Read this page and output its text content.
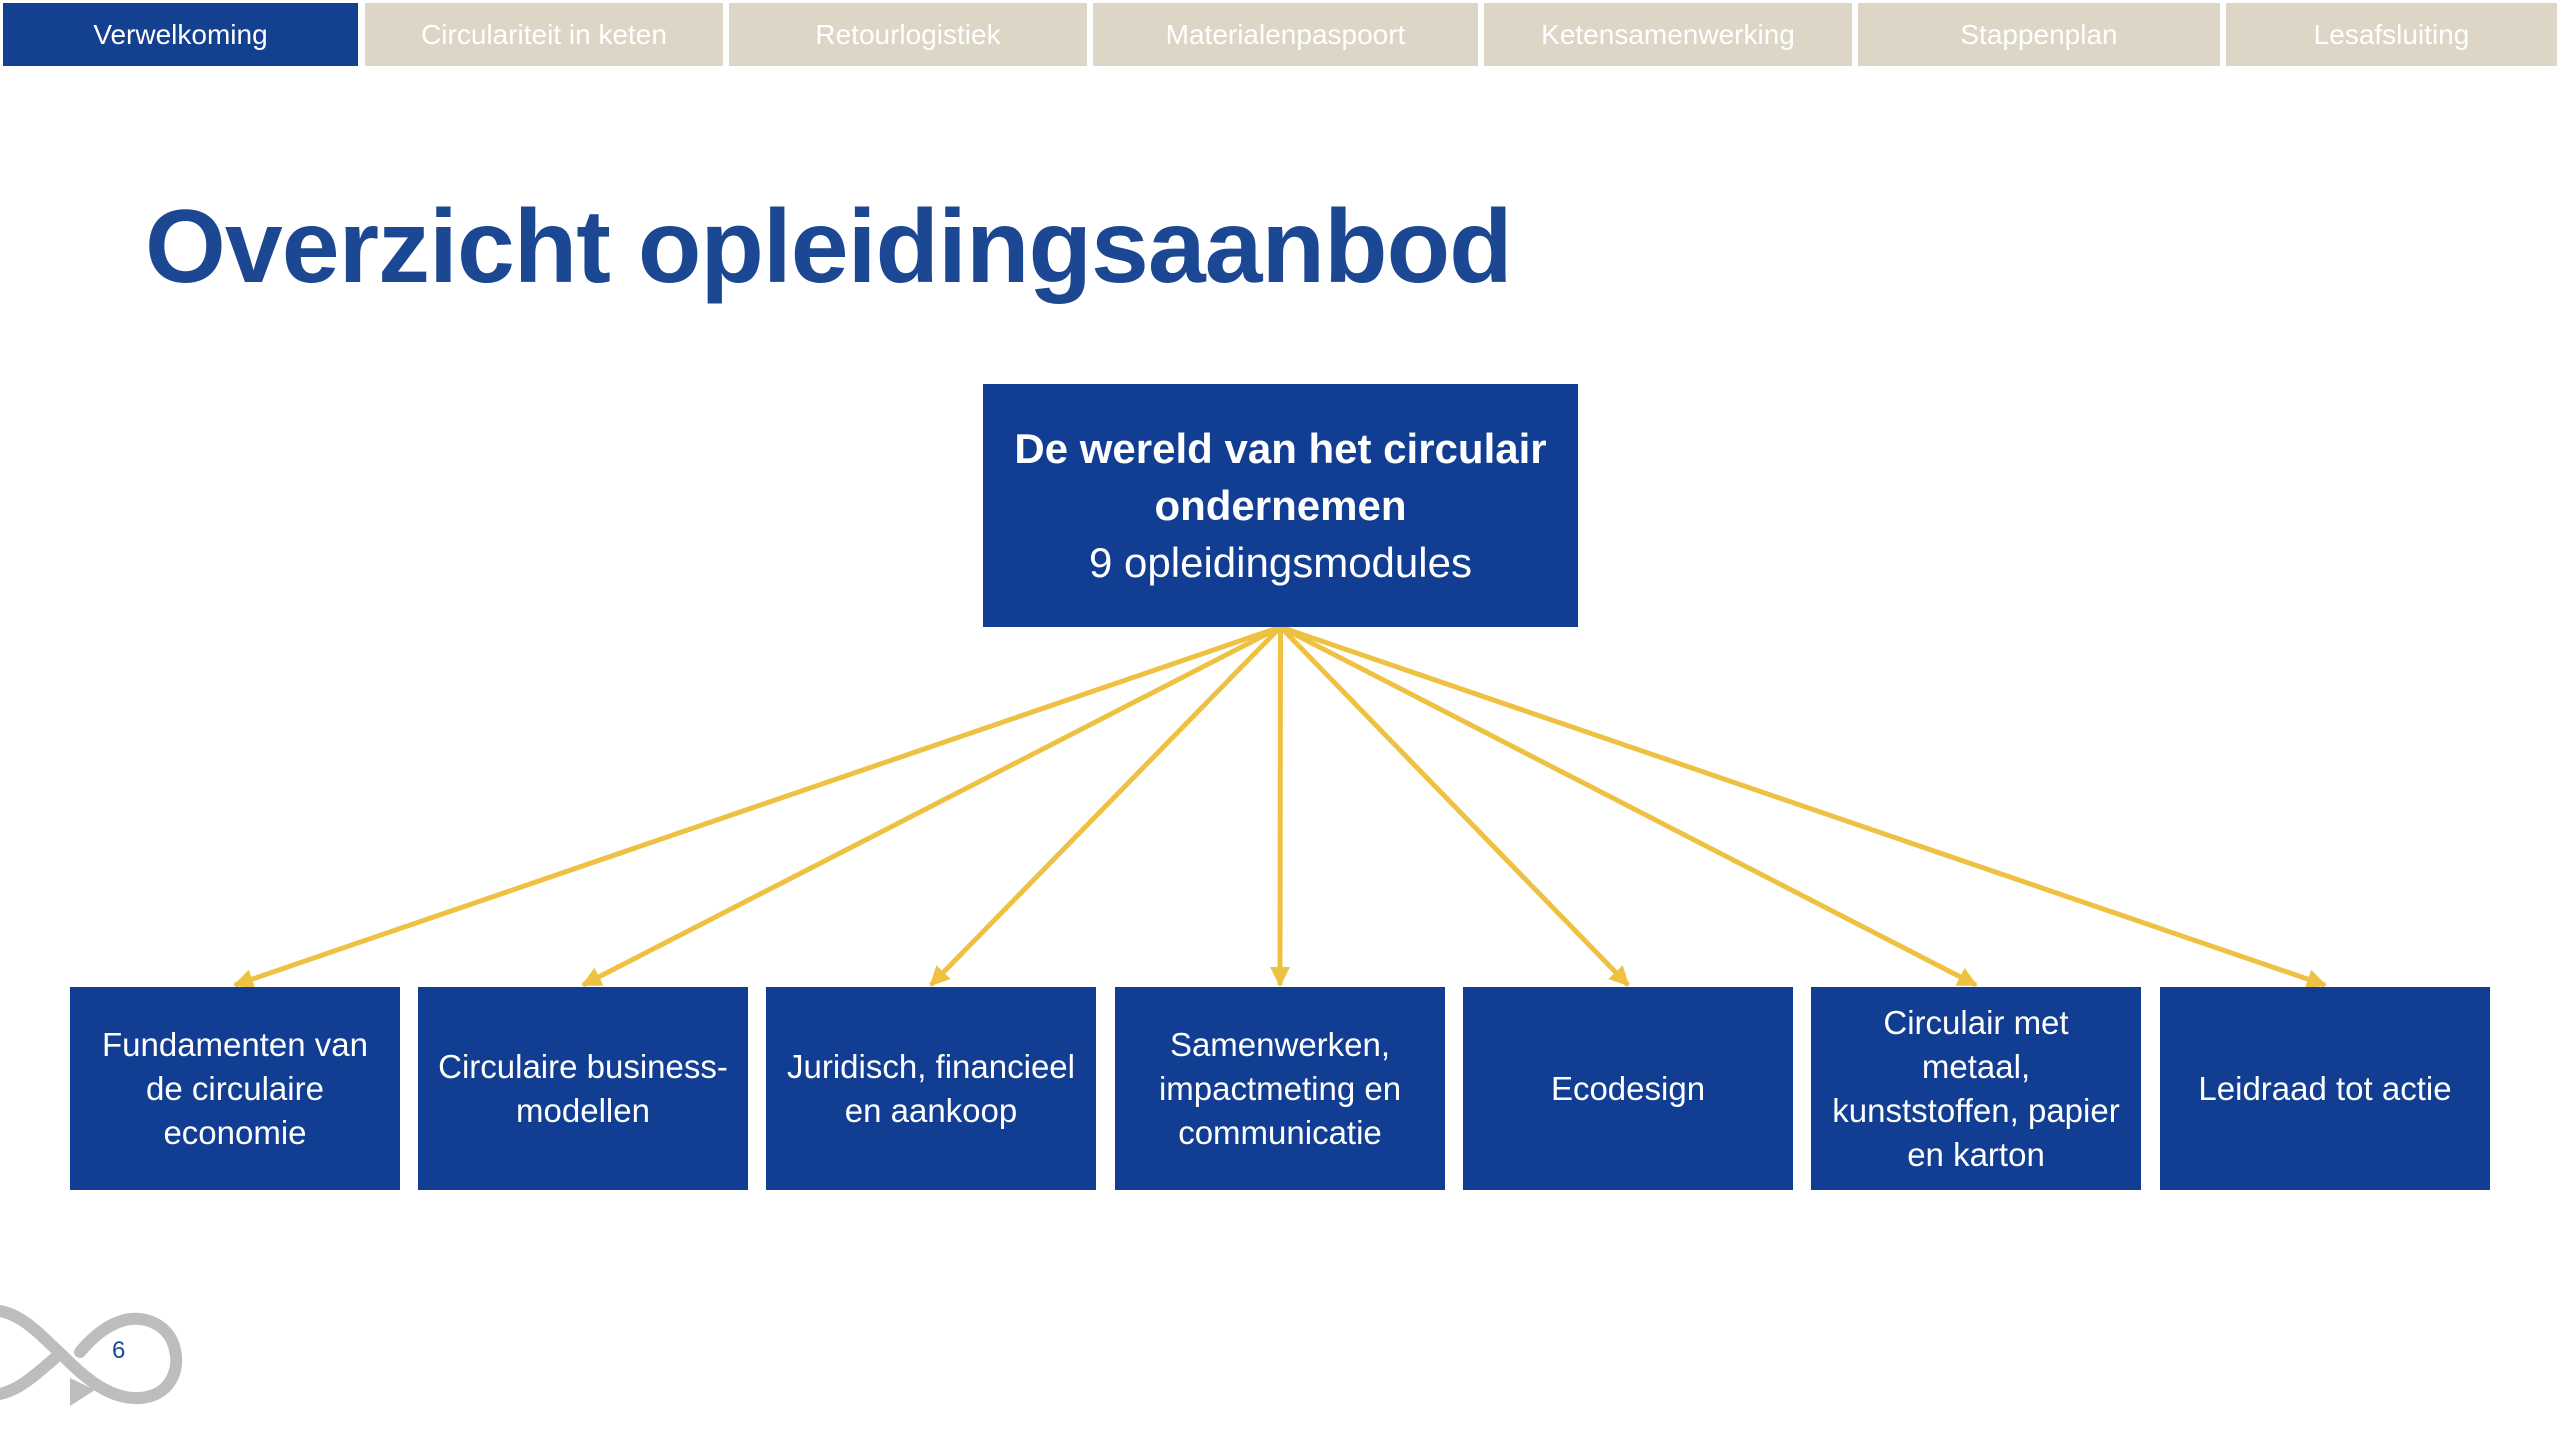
Verwelkoming	Circulariteit in keten	Retourlogistiek	Materialenpaspoort	Ketensamenwerking	Stappenplan	Lesafsluiting
Overzicht opleidingsaanbod
De wereld van het circulair ondernemen
9 opleidingsmodules
Fundamenten van de circulaire economie
Circulaire business-modellen
Juridisch, financieel en aankoop
Samenwerken, impactmeting en communicatie
Ecodesign
Circulair met metaal, kunststoffen, papier en karton
Leidraad tot actie
6
